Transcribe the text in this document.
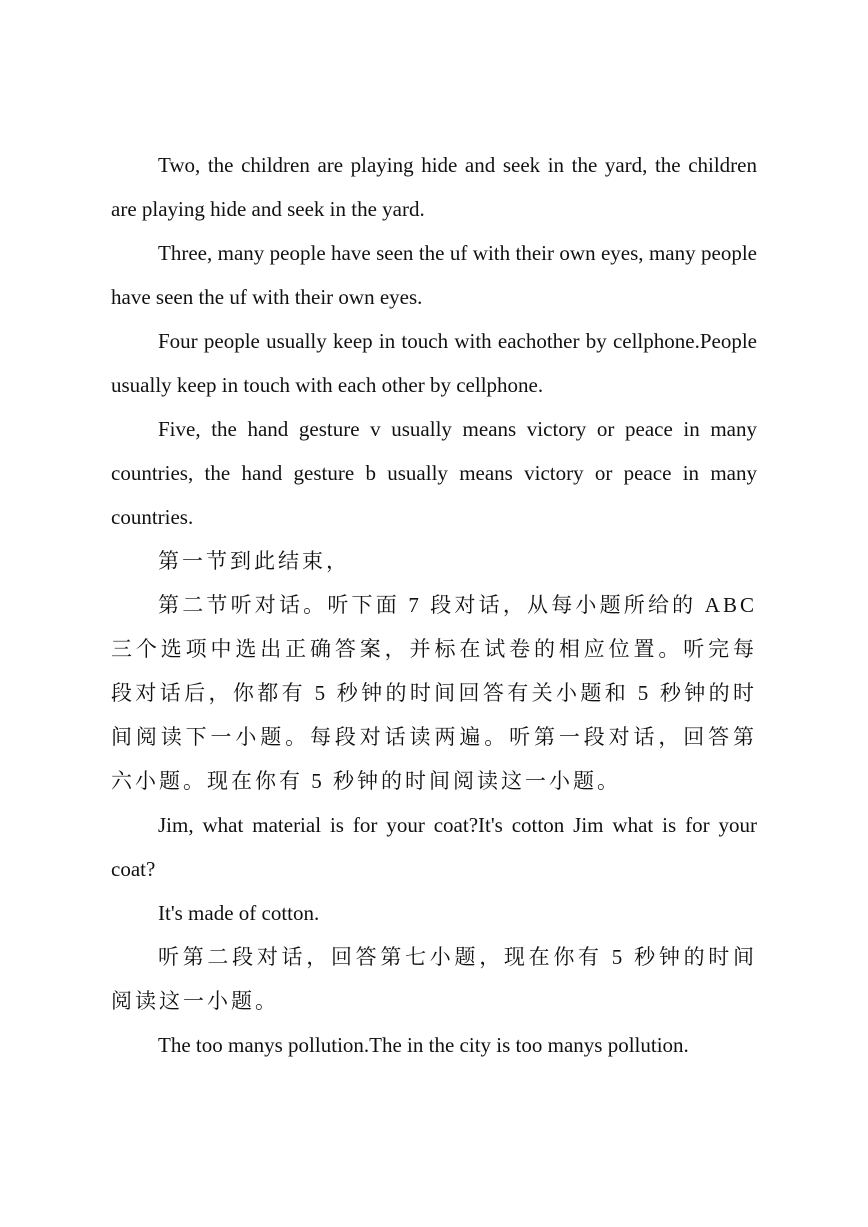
Two, the children are playing hide and seek in the yard, the children are playing hide and seek in the yard.

Three, many people have seen the uf with their own eyes, many people have seen the uf with their own eyes.

Four people usually keep in touch with eachother by cellphone.People usually keep in touch with each other by cellphone.

Five, the hand gesture v usually means victory or peace in many countries, the hand gesture b usually means victory or peace in many countries.

第一节到此结束，

第二节听对话。听下面 7 段对话，从每小题所给的 ABC 三个选项中选出正确答案，并标在试卷的相应位置。听完每段对话后，你都有 5 秒钟的时间回答有关小题和 5 秒钟的时间阅读下一小题。每段对话读两遍。听第一段对话，回答第六小题。现在你有 5 秒钟的时间阅读这一小题。

Jim, what material is for your coat?It's cotton Jim what is for your coat?

It's made of cotton.

听第二段对话，回答第七小题，现在你有 5 秒钟的时间阅读这一小题。

The too manys pollution.The in the city is too manys pollution.
